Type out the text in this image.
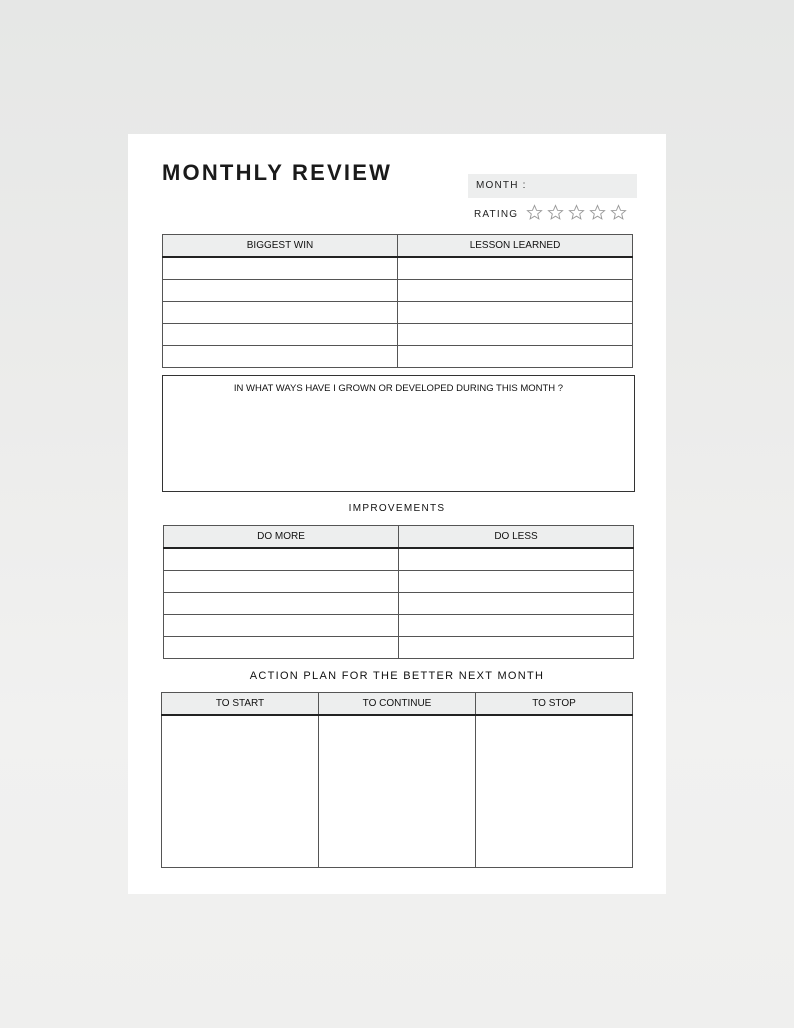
MONTHLY REVIEW
MONTH :
RATING
BIGGEST WIN	LESSON LEARNED

IN WHAT WAYS HAVE I GROWN OR DEVELOPED DURING THIS MONTH ?
IMPROVEMENTS
DO MORE	DO LESS

ACTION PLAN FOR THE BETTER NEXT MONTH
TO START	TO CONTINUE	TO STOP
